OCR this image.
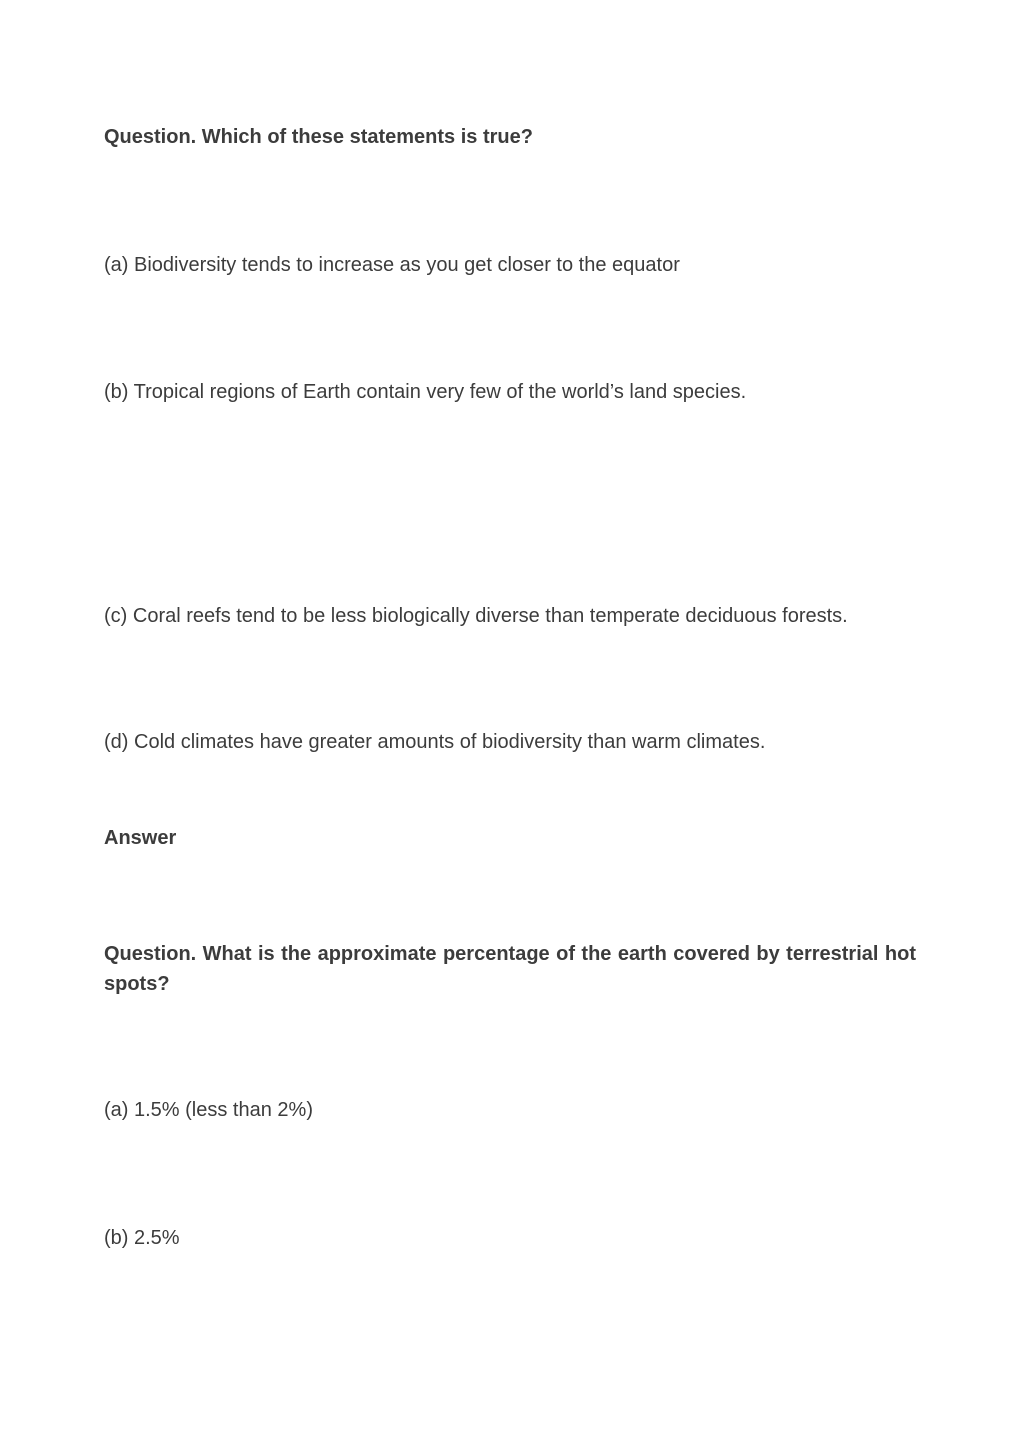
Question. Which of these statements is true?

(a) Biodiversity tends to increase as you get closer to the equator

(b) Tropical regions of Earth contain very few of the world’s land species.

(c) Coral reefs tend to be less biologically diverse than temperate deciduous forests.

(d) Cold climates have greater amounts of biodiversity than warm climates.

Answer

Question. What is the approximate percentage of the earth covered by terrestrial hot spots?

(a) 1.5% (less than 2%)

(b) 2.5%
